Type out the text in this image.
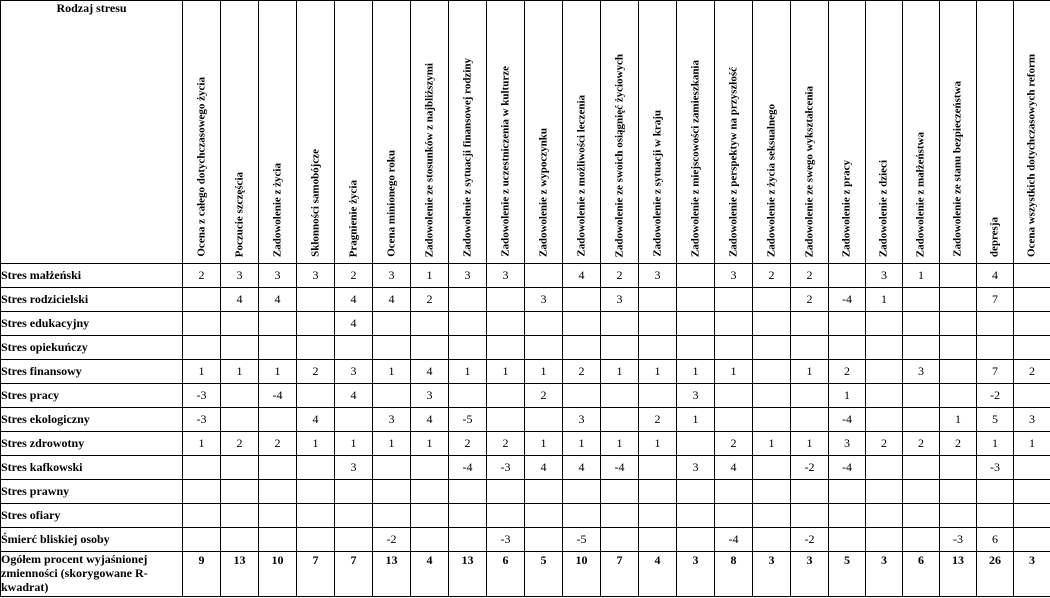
Rodzaj stresu	Ocena z całego dotychczasowego życia	Poczucie szczęścia	Zadowolenie z życia	Skłonności samobójcze	Pragnienie życia	Ocena minionego roku	Zadowolenie ze stosunków z najbliższymi	Zadowolenie z sytuacji finansowej rodziny	Zadowolenie z uczestniczenia w kulturze	Zadowolenie z wypoczynku	Zadowolenie z możliwości leczenia	Zadowolenie ze swoich osiągnięć życiowych	Zadowolenie z sytuacji w kraju	Zadowolenie z miejscowości zamieszkania	Zadowolenie z perspektyw na przyszłość	Zadowolenie z życia seksualnego	Zadowolenie ze swego wykształcenia	Zadowolenie z pracy	Zadowolenie z dzieci	Zadowolenie z małżeństwa	Zadowolenie ze stanu bezpieczeństwa	depresja	Ocena wszystkich dotychczasowych reform

Stres małżeński	2	3	3	3	2	3	1	3	3		4	2	3		3	2	2		3	1		4	
Stres rodzicielski		4	4		4	4	2			3		3					2	-4	1			7	
Stres edukacyjny					4																		
Stres opiekuńczy																							
Stres finansowy	1	1	1	2	3	1	4	1	1	1	2	1	1	1	1		1	2		3		7	2
Stres pracy	-3		-4		4		3			2				3				1				-2	
Stres ekologiczny	-3			4		3	4	-5			3		2	1				-4			1	5	3
Stres zdrowotny	1	2	2	1	1	1	1	2	2	1	1	1	1		2	1	1	3	2	2	2	1	1
Stres kafkowski					3			-4	-3	4	4	-4		3	4		-2	-4				-3	
Stres prawny																							
Stres ofiary																							
Śmierć bliskiej osoby						-2			-3		-5				-4		-2				-3	6	
Ogółem procent wyjaśnionej zmienności (skorygowane R-kwadrat)	9	13	10	7	7	13	4	13	6	5	10	7	4	3	8	3	3	5	3	6	13	26	3
